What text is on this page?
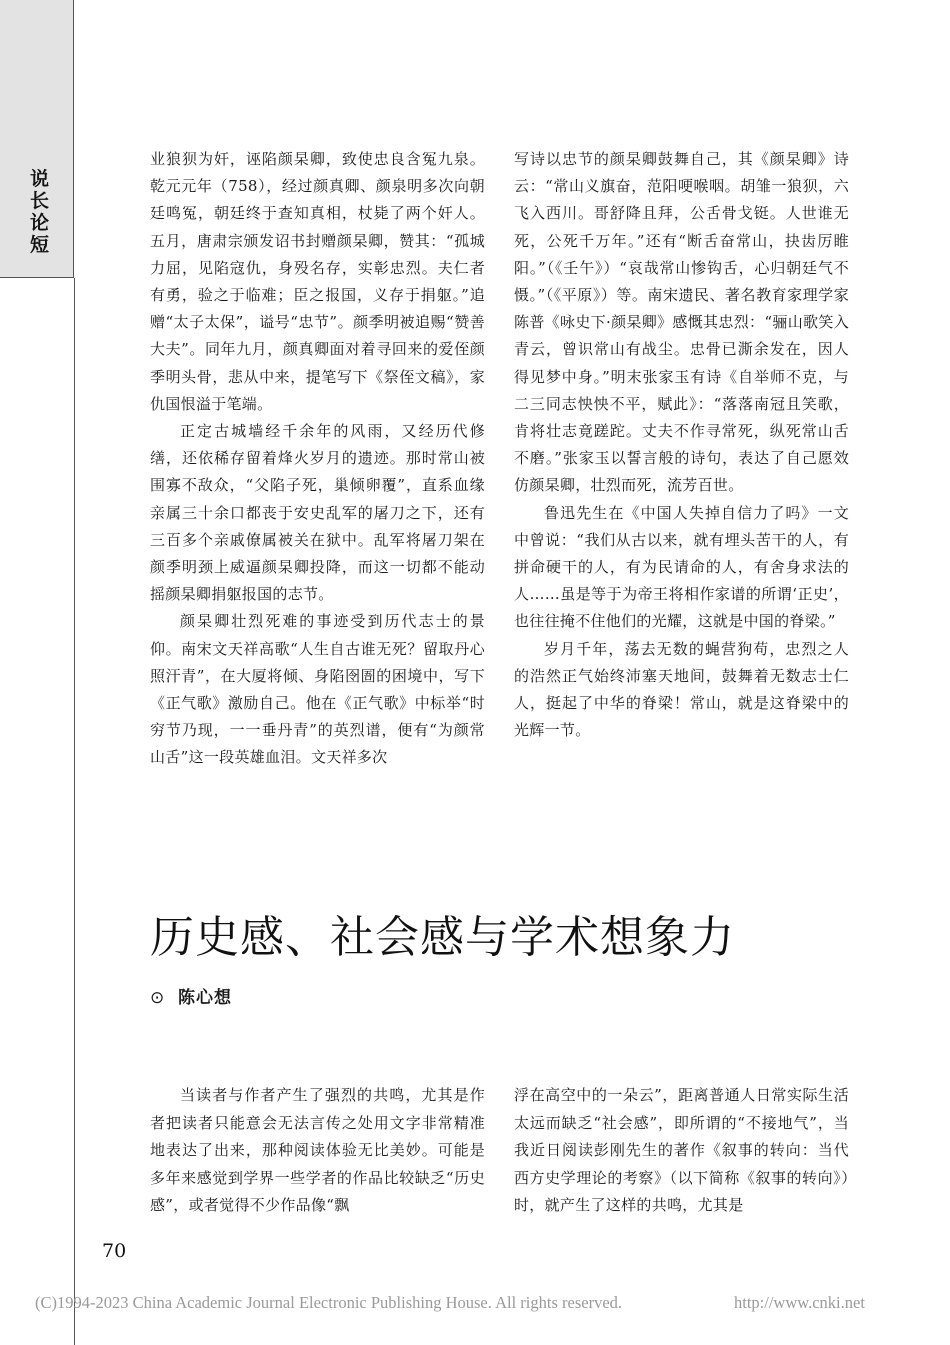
说长论短

业狼狈为奸，诬陷颜杲卿，致使忠良含冤九泉。乾元元年（758），经过颜真卿、颜泉明多次向朝廷鸣冤，朝廷终于查知真相，杖毙了两个奸人。五月，唐肃宗颁发诏书封赠颜杲卿，赞其：“孤城力屈，见陷寇仇，身殁名存，实彰忠烈。夫仁者有勇，验之于临难；臣之报国，义存于捐躯。”追赠“太子太保”，谥号“忠节”。颜季明被追赐“赞善大夫”。同年九月，颜真卿面对着寻回来的爱侄颜季明头骨，悲从中来，提笔写下《祭侄文稿》，家仇国恨溢于笔端。

正定古城墙经千余年的风雨，又经历代修缮，还依稀存留着烽火岁月的遗迹。那时常山被围寡不敌众，“父陷子死，巢倾卵覆”，直系血缘亲属三十余口都丧于安史乱军的屠刀之下，还有三百多个亲戚僚属被关在狱中。乱军将屠刀架在颜季明颈上威逼颜杲卿投降，而这一切都不能动摇颜杲卿捐躯报国的志节。

颜杲卿壮烈死难的事迹受到历代志士的景仰。南宋文天祥高歌“人生自古谁无死？留取丹心照汗青”，在大厦将倾、身陷囹圄的困境中，写下《正气歌》激励自己。他在《正气歌》中标举“时穷节乃现，一一垂丹青”的英烈谱，便有“为颜常山舌”这一段英雄血泪。文天祥多次

写诗以忠节的颜杲卿鼓舞自己，其《颜杲卿》诗云：“常山义旗奋，范阳哽喉咽。胡雏一狼狈，六飞入西川。哥舒降且拜，公舌骨戈铤。人世谁无死，公死千万年。”还有“断舌奋常山，抉齿厉睢阳。”（《壬午》）“哀哉常山惨钩舌，心归朝廷气不慑。”（《平原》）等。南宋遗民、著名教育家理学家陈普《咏史下·颜杲卿》感慨其忠烈：“骊山歌笑入青云，曾识常山有战尘。忠骨已澌余发在，因人得见梦中身。”明末张家玉有诗《自举师不克，与二三同志怏怏不平，赋此》：“落落南冠且笑歌，肯将壮志竟蹉跎。丈夫不作寻常死，纵死常山舌不磨。”张家玉以誓言般的诗句，表达了自己愿效仿颜杲卿，壮烈而死，流芳百世。

鲁迅先生在《中国人失掉自信力了吗》一文中曾说：“我们从古以来，就有埋头苦干的人，有拼命硬干的人，有为民请命的人，有舍身求法的人……虽是等于为帝王将相作家谱的所谓‘正史’，也往往掩不住他们的光耀，这就是中国的脊梁。”

岁月千年，荡去无数的蝇营狗苟，忠烈之人的浩然正气始终沛塞天地间，鼓舞着无数志士仁人，挺起了中华的脊梁！常山，就是这脊梁中的光辉一节。

历史感、社会感与学术想象力
⊙ 陈心想

当读者与作者产生了强烈的共鸣，尤其是作者把读者只能意会无法言传之处用文字非常精准地表达了出来，那种阅读体验无比美妙。可能是多年来感觉到学界一些学者的作品比较缺乏“历史感”，或者觉得不少作品像“飘

浮在高空中的一朵云”，距离普通人日常实际生活太远而缺乏“社会感”，即所谓的“不接地气”，当我近日阅读彭刚先生的著作《叙事的转向：当代西方史学理论的考察》（以下简称《叙事的转向》）时，就产生了这样的共鸣，尤其是

70
(C)1994-2023 China Academic Journal Electronic Publishing House. All rights reserved.	http://www.cnki.net
